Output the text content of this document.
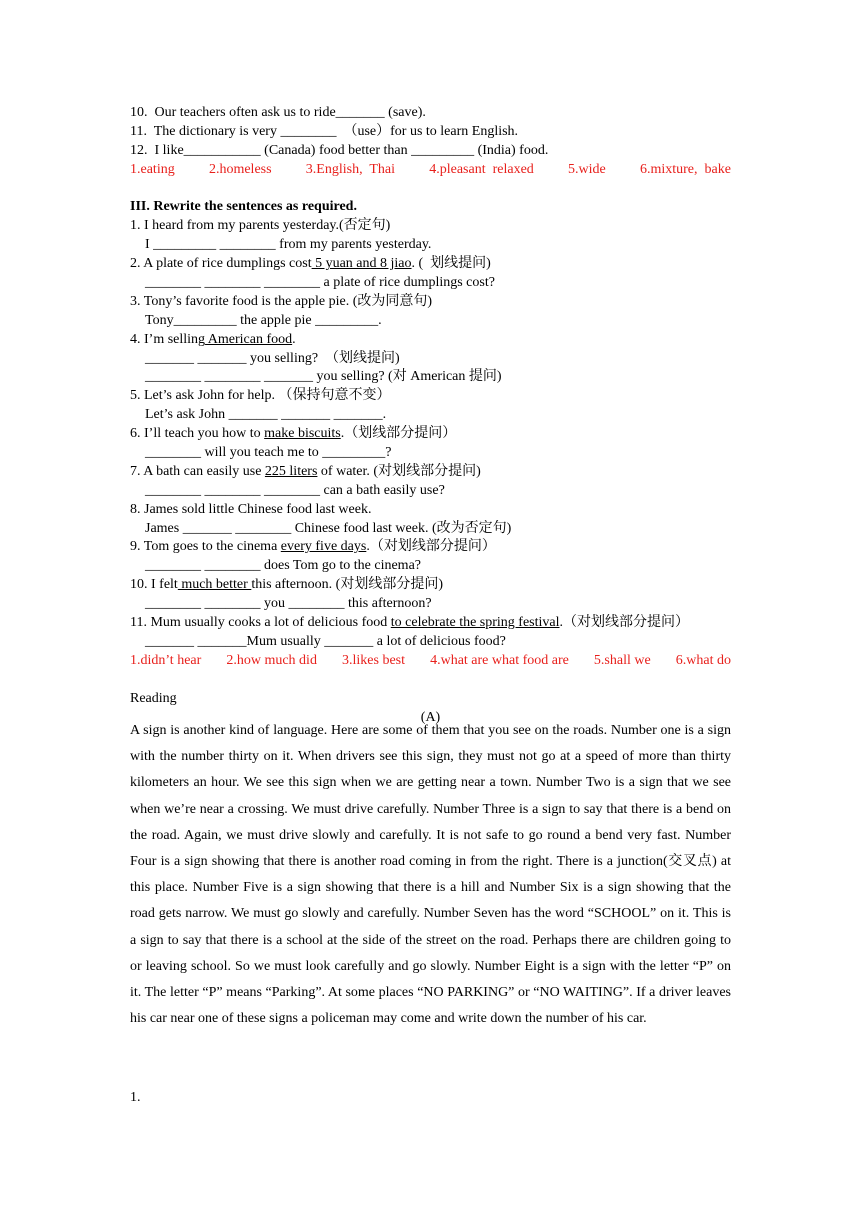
10.  Our teachers often ask us to ride_______ (save).
11.  The dictionary is very ________  （use）for us to learn English.
12.  I like___________ (Canada) food better than _________ (India) food.
1.eating 2.homeless 3.English,  Thai 4.pleasant  relaxed 5.wide 6.mixture,  bake

III. Rewrite the sentences as required.
1. I heard from my parents yesterday.(否定句)
I _________ ________ from my parents yesterday.
2. A plate of rice dumplings cost 5 yuan and 8 jiao. (  划线提问)
________ ________ ________ a plate of rice dumplings cost?
3. Tony’s favorite food is the apple pie. (改为同意句)
Tony_________ the apple pie _________.
4. I’m selling American food.
_______ _______ you selling?  （划线提问)
________ ________ _______ you selling? (对 American 提问)
5. Let’s ask John for help. （保持句意不变）
Let’s ask John _______ _______ _______.
6. I’ll teach you how to make biscuits.（划线部分提问）
________ will you teach me to _________?
7. A bath can easily use 225 liters of water. (对划线部分提问)
________ ________ ________ can a bath easily use?
8. James sold little Chinese food last week.
James _______ ________ Chinese food last week. (改为否定句)
9. Tom goes to the cinema every five days.（对划线部分提问）
________ ________ does Tom go to the cinema?
10. I felt much better this afternoon. (对划线部分提问)
________ ________ you ________ this afternoon?
11. Mum usually cooks a lot of delicious food to celebrate the spring festival.（对划线部分提问）
_______ _______Mum usually _______ a lot of delicious food?
1.didn’t hear 2.how much did 3.likes best 4.what are what food are 5.shall we 6.what do

Reading
(A)
A sign is another kind of language. Here are some of them that you see on the roads. Number one is a sign with the number thirty on it. When drivers see this sign, they must not go at a speed of more than thirty kilometers an hour. We see this sign when we are getting near a town. Number Two is a sign that we see when we’re near a crossing. We must drive carefully. Number Three is a sign to say that there is a bend on the road. Again, we must drive slowly and carefully. It is not safe to go round a bend very fast. Number Four is a sign showing that there is another road coming in from the right. There is a junction(交叉点) at this place. Number Five is a sign showing that there is a hill and Number Six is a sign showing that the road gets narrow. We must go slowly and carefully. Number Seven has the word “SCHOOL” on it. This is a sign to say that there is a school at the side of the street on the road. Perhaps there are children going to or leaving school. So we must look carefully and go slowly. Number Eight is a sign with the letter “P” on it. The letter “P” means “Parking”. At some places “NO PARKING” or “NO WAITING”. If a driver leaves his car near one of these signs a policeman may come and write down the number of his car.
1.
